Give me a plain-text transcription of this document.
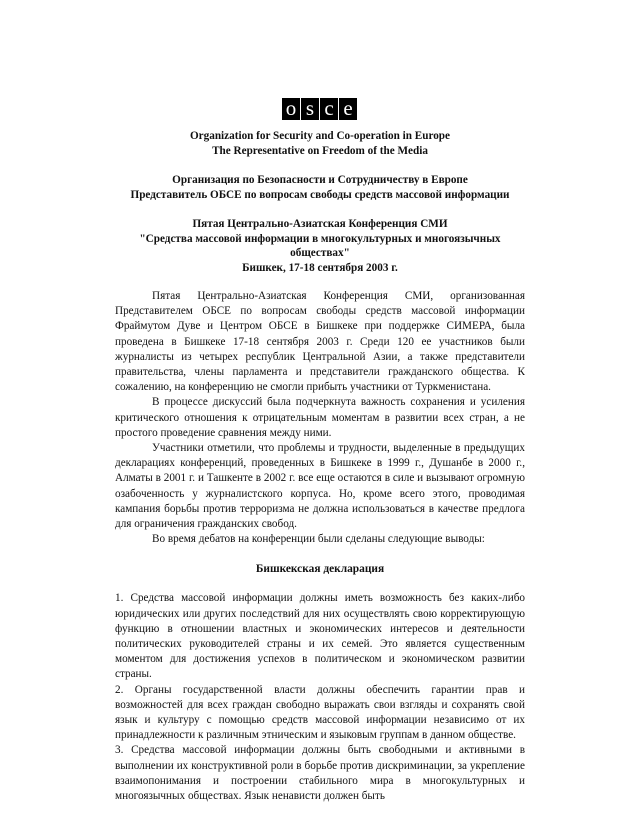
o s c e
Organization for Security and Co-operation in Europe
The Representative on Freedom of the Media
Организация по Безопасности и Сотрудничеству в Европе
Представитель ОБСЕ по вопросам свободы средств массовой информации
Пятая Центрально-Азиатская Конференция СМИ
"Средства массовой информации в многокультурных и многоязычных обществах"
Бишкек, 17-18 сентября 2003 г.

Пятая Центрально-Азиатская Конференция СМИ, организованная Представителем ОБСЕ по вопросам свободы средств массовой информации Фраймутом Дуве и Центром ОБСЕ в Бишкеке при поддержке СИМЕРА, была проведена в Бишкеке 17-18 сентября 2003 г. Среди 120 ее участников были журналисты из четырех республик Центральной Азии, а также представители правительства, члены парламента и представители гражданского общества. К сожалению, на конференцию не смогли прибыть участники от Туркменистана.

В процессе дискуссий была подчеркнута важность сохранения и усиления критического отношения к отрицательным моментам в развитии всех стран, а не простого проведение сравнения между ними.

Участники отметили, что проблемы и трудности, выделенные в предыдущих декларациях конференций, проведенных в Бишкеке в 1999 г., Душанбе в 2000 г., Алматы в 2001 г. и Ташкенте в 2002 г. все еще остаются в силе и вызывают огромную озабоченность у журналистского корпуса. Но, кроме всего этого, проводимая кампания борьбы против терроризма не должна использоваться в качестве предлога для ограничения гражданских свобод.

Во время дебатов на конференции были сделаны следующие выводы:

Бишкекская декларация

1. Средства массовой информации должны иметь возможность без каких-либо юридических или других последствий для них осуществлять свою корректирующую функцию в отношении властных и экономических интересов и деятельности политических руководителей страны и их семей. Это является существенным моментом для достижения успехов в политическом и экономическом развитии страны.

2. Органы государственной власти должны обеспечить гарантии прав и возможностей для всех граждан свободно выражать свои взгляды и сохранять свой язык и культуру с помощью средств массовой информации независимо от их принадлежности к различным этническим и языковым группам в данном обществе.

3. Средства массовой информации должны быть свободными и активными в выполнении их конструктивной роли в борьбе против дискриминации, за укрепление взаимопонимания и построении стабильного мира в многокультурных и многоязычных обществах. Язык ненависти должен быть
